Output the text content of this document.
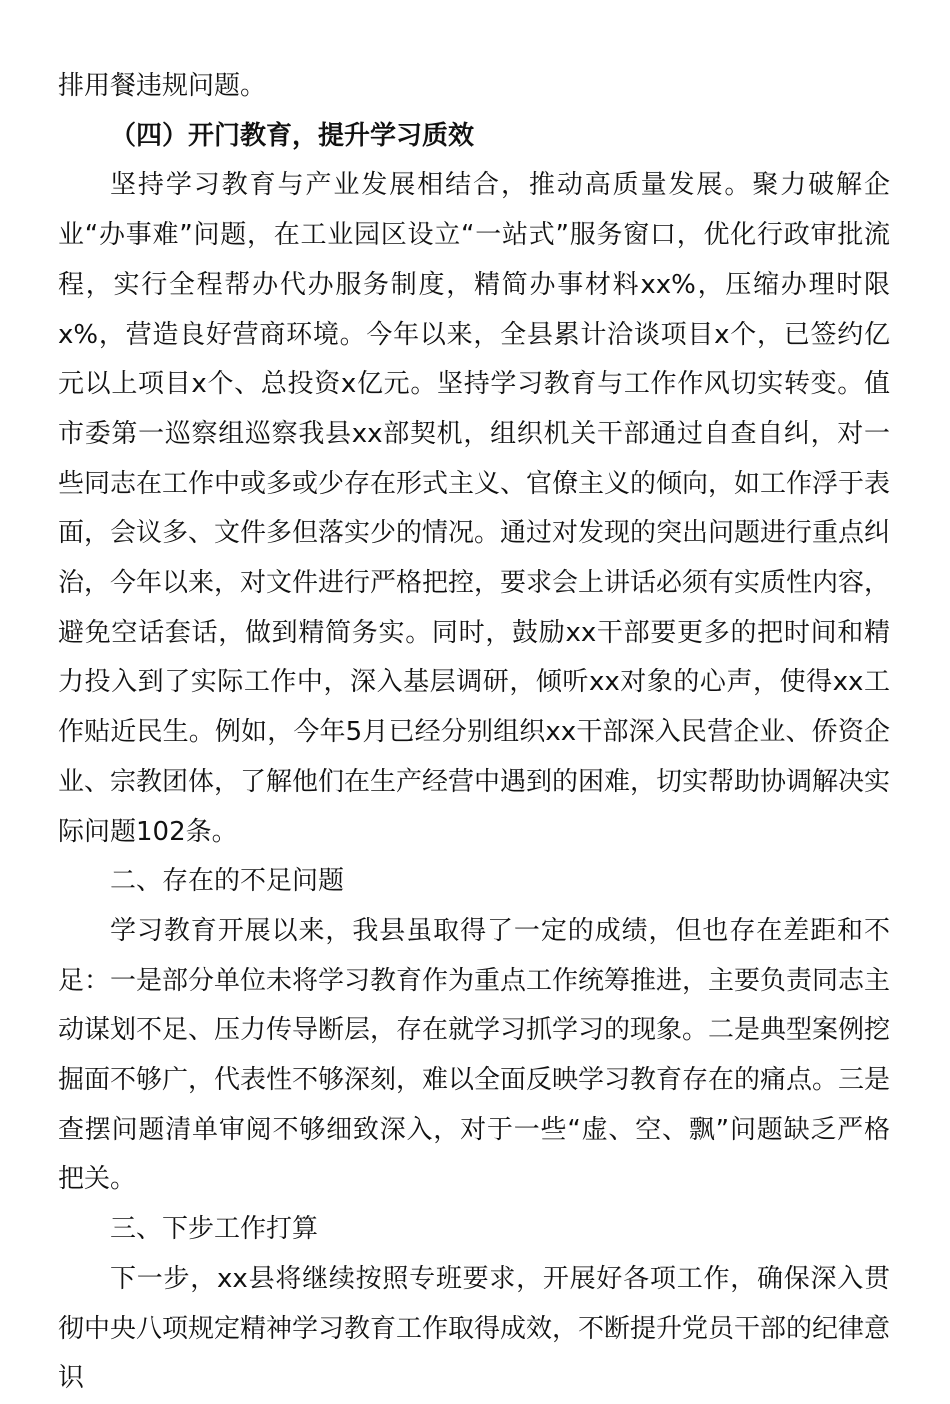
排用餐违规问题。

（四）开门教育，提升学习质效

坚持学习教育与产业发展相结合，推动高质量发展。聚力破解企业“办事难”问题，在工业园区设立“一站式”服务窗口，优化行政审批流程，实行全程帮办代办服务制度，精简办事材料xx%，压缩办理时限x%，营造良好营商环境。今年以来，全县累计洽谈项目x个，已签约亿元以上项目x个、总投资x亿元。坚持学习教育与工作作风切实转变。值市委第一巡察组巡察我县xx部契机，组织机关干部通过自查自纠，对一些同志在工作中或多或少存在形式主义、官僚主义的倾向，如工作浮于表面，会议多、文件多但落实少的情况。通过对发现的突出问题进行重点纠治，今年以来，对文件进行严格把控，要求会上讲话必须有实质性内容，避免空话套话，做到精简务实。同时，鼓励xx干部要更多的把时间和精力投入到了实际工作中，深入基层调研，倾听xx对象的心声，使得xx工作贴近民生。例如，今年5月已经分别组织xx干部深入民营企业、侨资企业、宗教团体，了解他们在生产经营中遇到的困难，切实帮助协调解决实际问题102条。

二、存在的不足问题

学习教育开展以来，我县虽取得了一定的成绩，但也存在差距和不足：一是部分单位未将学习教育作为重点工作统筹推进，主要负责同志主动谋划不足、压力传导断层，存在就学习抓学习的现象。二是典型案例挖掘面不够广，代表性不够深刻，难以全面反映学习教育存在的痛点。三是查摆问题清单审阅不够细致深入，对于一些“虚、空、飘”问题缺乏严格把关。

三、下步工作打算

下一步，xx县将继续按照专班要求，开展好各项工作，确保深入贯彻中央八项规定精神学习教育工作取得成效，不断提升党员干部的纪律意识
